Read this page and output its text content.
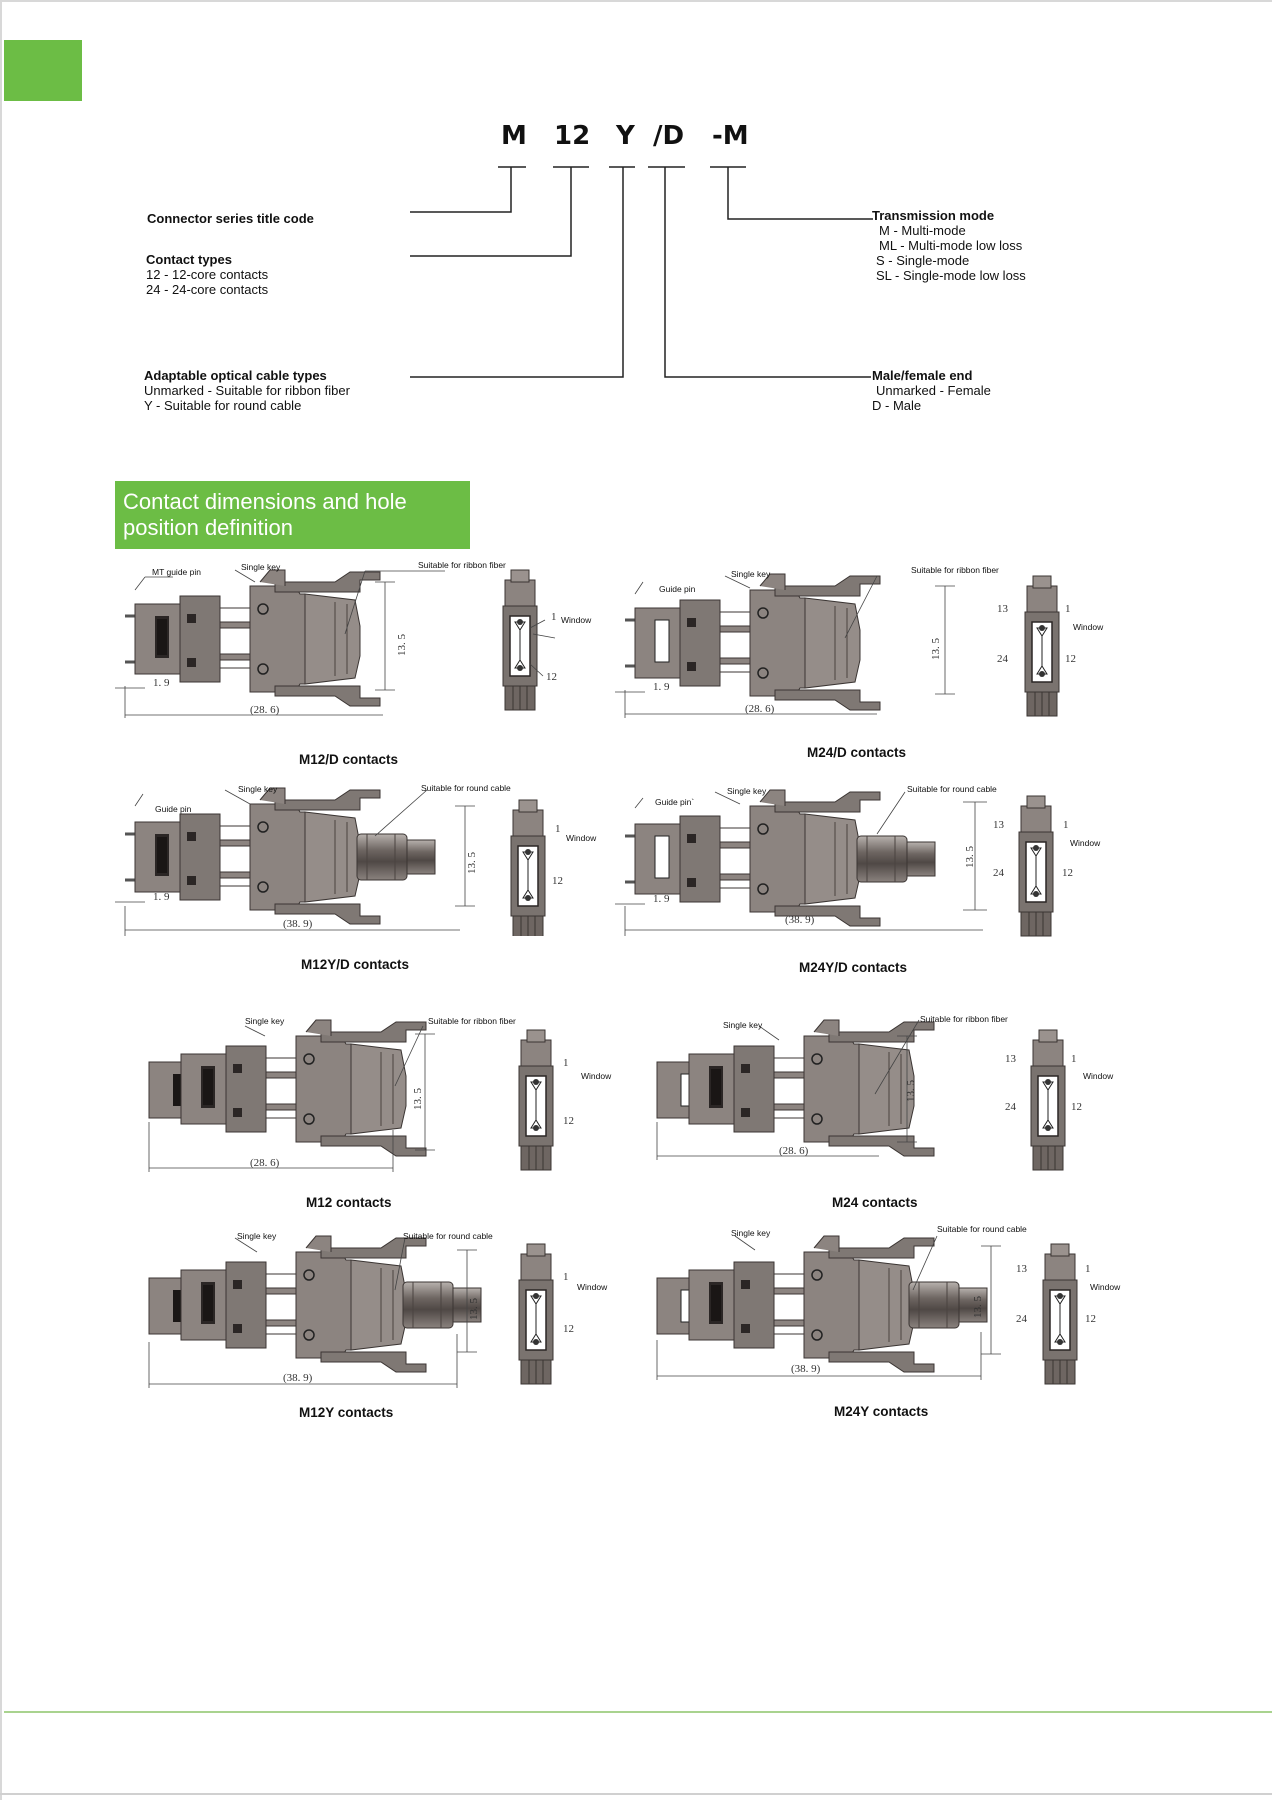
M 12 Y /D -M
Connector series title code
Contact types
12 - 12-core contacts
24 - 24-core contacts
Adaptable optical cable types
Unmarked - Suitable for ribbon fiber
Y - Suitable for round cable
Transmission mode
M - Multi-mode
ML - Multi-mode low loss
S - Single-mode
SL - Single-mode low loss
Male/female end
Unmarked - Female
D - Male
Contact dimensions and hole position definition
MT guide pin	Single key	Suitable for ribbon fiber
1. 9
(28. 6)
13. 5
1 Window
12
M12/D contacts
Guide pin
Single key	Suitable for ribbon fiber
1. 9
(28. 6)
13. 5
13	1
Window
24	12
M24/D contacts
Guide pin
Single key	Suitable for round cable
1. 9
(38. 9)
13. 5
1
Window
12
M12Y/D contacts
Guide pin`
Single key	Suitable for round cable
1. 9
(38. 9)
13. 5
13	1
Window
24	12
M24Y/D contacts
Single key	Suitable for ribbon fiber
(28. 6)
13. 5
1
Window
12
M12 contacts
Single key
Suitable for ribbon fiber
(28. 6)
13. 5
13	1
Window
24	12
M24 contacts
Single key	Suitable for round cable
(38. 9)
13. 5
1
Window
12
M12Y contacts
Single key	Suitable for round cable
(38. 9)
13. 5
13	1
Window
24	12
M24Y contacts
